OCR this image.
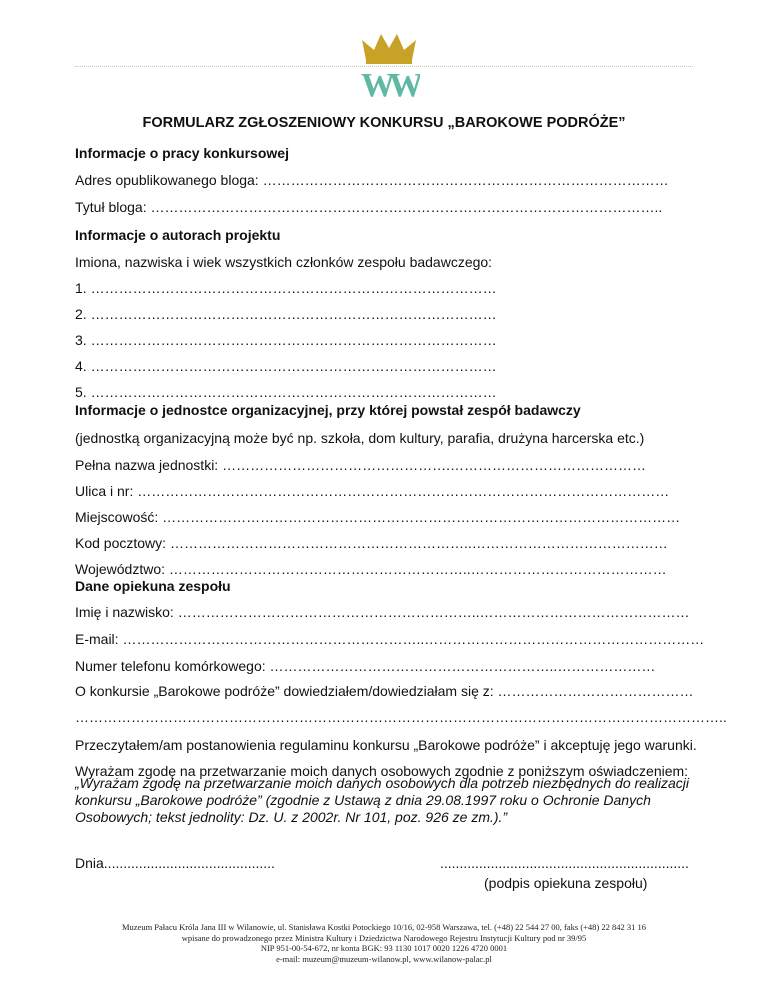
WW
FORMULARZ ZGŁOSZENIOWY KONKURSU „BAROKOWE PODRÓŻE”
Informacje o pracy konkursowej
Adres opublikowanego bloga: ……………………………………………………………………………
Tytuł bloga: ………………………………………………………………………………………………..
Informacje o autorach projektu
Imiona, nazwiska i wiek wszystkich członków zespołu badawczego:
1. ……………………………………………………………………………
2. ……………………………………………………………………………
3. ……………………………………………………………………………
4. ……………………………………………………………………………
5. ……………………………………………………………………………
Informacje o jednostce organizacyjnej, przy której powstał zespół badawczy
(jednostką organizacyjną może być np. szkoła, dom kultury, parafia, drużyna harcerska etc.)
Pełna nazwa jednostki: ………………………………………….……………………………………
Ulica i nr: ……………………………………………………………………………………………………
Miejscowość: …………………………………………………………………………………………………
Kod pocztowy: ………………………………………………………..……………………………………
Województwo: ………………………………………………………..……………………………………
Dane opiekuna zespołu
Imię i nazwisko: ………………………………………………………..………………………………………
E-mail: ………………………………………………………..……………………………………………………
Numer telefonu komórkowego: ……………………………………………………..…………………
O konkursie „Barokowe podróże” dowiedziałem/dowiedziałam się z: ……………………………………
…………………………………………………………………………………………………………………………..
Przeczytałem/am postanowienia regulaminu konkursu „Barokowe podróże” i akceptuję jego warunki.
Wyrażam zgodę na przetwarzanie moich danych osobowych zgodnie z poniższym oświadczeniem:
„Wyrażam zgodę na przetwarzanie moich danych osobowych dla potrzeb niezbędnych do realizacji konkursu „Barokowe podróże” (zgodnie z Ustawą z dnia 29.08.1997 roku o Ochronie Danych Osobowych; tekst jednolity: Dz. U. z 2002r. Nr 101, poz. 926 ze zm.).”
Muzeum Pałacu Króla Jana III w Wilanowie, ul. Stanisława Kostki Potockiego 10/16, 02-958 Warszawa, tel. (+48) 22 544 27 00, faks (+48) 22 842 31 16
wpisane do prowadzonego przez Ministra Kultury i Dziedzictwa Narodowego Rejestru Instytucji Kultury pod nr 39/95
NIP 951-00-54-672, nr konta BGK: 93 1130 1017 0020 1226 4720 0001
e-mail: muzeum@muzeum-wilanow.pl, www.wilanow-palac.pl
Dnia............................................	................................................................
(podpis opiekuna zespołu)
